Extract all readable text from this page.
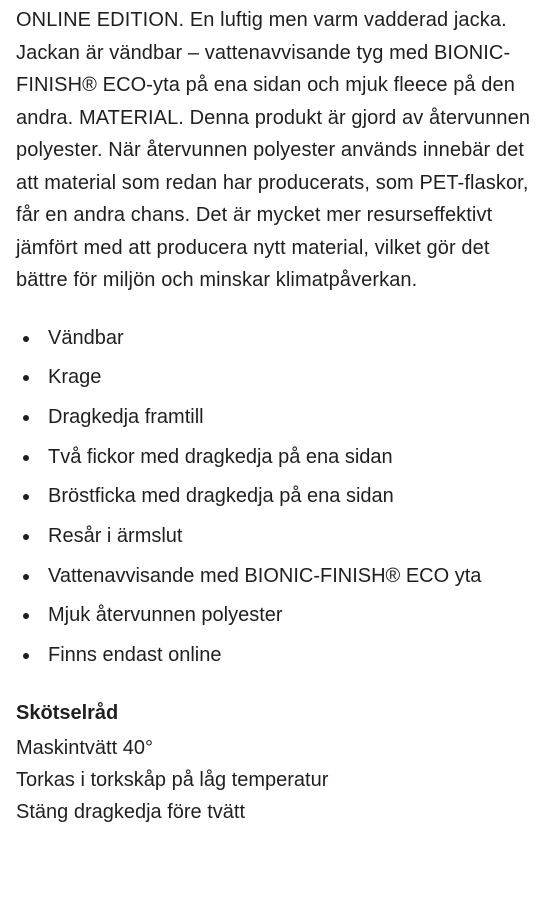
ONLINE EDITION. En luftig men varm vadderad jacka. Jackan är vändbar – vattenavvisande tyg med BIONIC-FINISH® ECO-yta på ena sidan och mjuk fleece på den andra. MATERIAL. Denna produkt är gjord av återvunnen polyester. När återvunnen polyester används innebär det att material som redan har producerats, som PET-flaskor, får en andra chans. Det är mycket mer resurseffektivt jämfört med att producera nytt material, vilket gör det bättre för miljön och minskar klimatpåverkan.

Vändbar
Krage
Dragkedja framtill
Två fickor med dragkedja på ena sidan
Bröstficka med dragkedja på ena sidan
Resår i ärmslut
Vattenavvisande med BIONIC-FINISH® ECO yta
Mjuk återvunnen polyester
Finns endast online
Skötselråd
Maskintvätt 40°
Torkas i torkskåp på låg temperatur
Stäng dragkedja före tvätt
